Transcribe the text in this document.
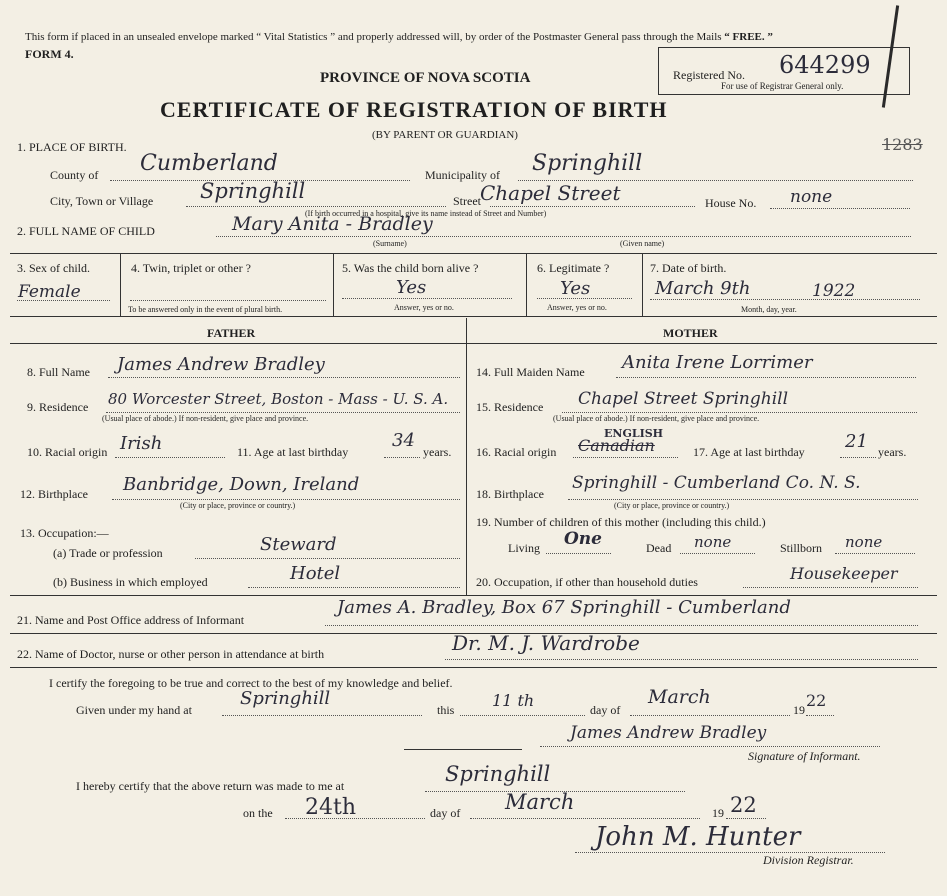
This form if placed in an unsealed envelope marked “ Vital Statistics ” and properly addressed will, by order of the Postmaster General pass through the Mails “ FREE. ”
FORM 4.
PROVINCE OF NOVA SCOTIA
CERTIFICATE OF REGISTRATION OF BIRTH
(BY PARENT OR GUARDIAN)
Registered No. 644299
For use of Registrar General only.
1283
1. PLACE OF BIRTH.
County of Cumberland	Municipality of Springhill
City, Town or Village Springhill	Street Chapel Street	House No. none
(If birth occurred in a hospital, give its name instead of Street and Number)
2. FULL NAME OF CHILD	Mary Anita - Bradley
(Surname)	(Given name)
3. Sex of child.
Female
4. Twin, triplet or other ?
To be answered only in the event of plural birth.
5. Was the child born alive ?
Yes
Answer, yes or no.
6. Legitimate ?
Yes
Answer, yes or no.
7. Date of birth.
March 9th	1922
Month, day, year.
FATHER	MOTHER
8. Full Name James Andrew Bradley
9. Residence 80 Worcester Street, Boston - Mass - U. S. A.
(Usual place of abode.) If non-resident, give place and province.
10. Racial origin Irish	11. Age at last birthday
34
years.
12. Birthplace Banbridge, Down, Ireland
(City or place, province or country.)
13. Occupation:—
(a) Trade or profession	Steward
(b) Business in which employed	Hotel
14. Full Maiden Name Anita Irene Lorrimer
15. Residence Chapel Street Springhill
(Usual place of abode.) If non-resident, give place and province.
16. Racial origin
ENGLISH
Canadian	17. Age at last birthday 21 years.
18. Birthplace
Springhill - Cumberland Co. N. S.
(City or place, province or country.)
19. Number of children of this mother (including this child.)
Living One	Dead none	Stillborn none
20. Occupation, if other than household duties	Housekeeper
21. Name and Post Office address of Informant
James A. Bradley, Box 67 Springhill - Cumberland
22. Name of Doctor, nurse or other person in attendance at birth	Dr. M. J. Wardrobe
I certify the foregoing to be true and correct to the best of my knowledge and belief.
Given under my hand at
Springhill
this 11 th	day of
March
19 22
James Andrew Bradley
Signature of Informant.
I hereby certify that the above return was made to me at	Springhill
on the 24th	day of March	19 22
John M. Hunter
Division Registrar.
